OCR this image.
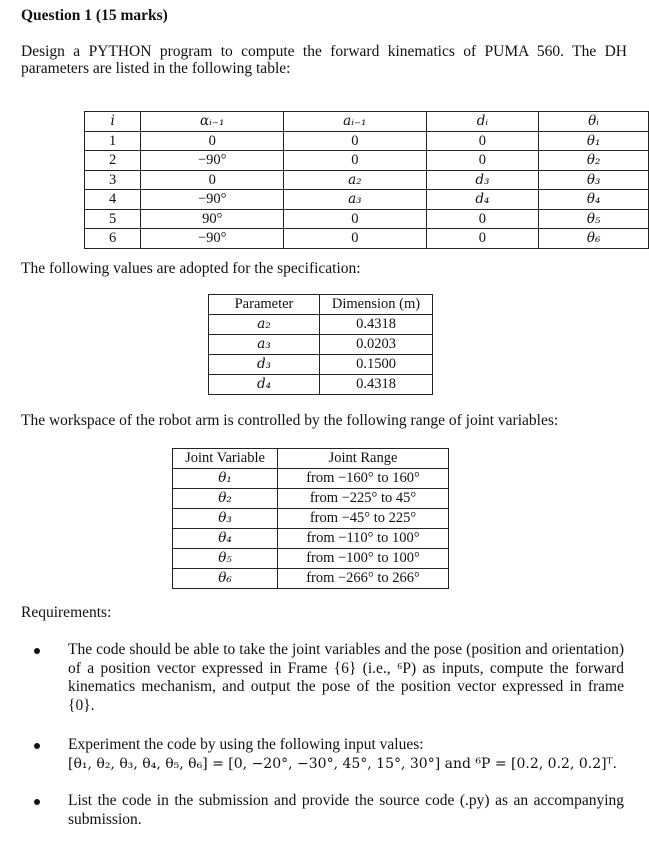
Question 1 (15 marks)
Design a PYTHON program to compute the forward kinematics of PUMA 560. The DH parameters are listed in the following table:
i	αᵢ₋₁	aᵢ₋₁	dᵢ	θᵢ
1	0	0	0	θ₁
2	−90°	0	0	θ₂
3	0	a₂	d₃	θ₃
4	−90°	a₃	d₄	θ₄
5	90°	0	0	θ₅
6	−90°	0	0	θ₆
The following values are adopted for the specification:
Parameter	Dimension (m)
a₂	0.4318
a₃	0.0203
d₃	0.1500
d₄	0.4318
The workspace of the robot arm is controlled by the following range of joint variables:
Joint Variable	Joint Range
θ₁	from −160° to 160°
θ₂	from −225° to 45°
θ₃	from −45° to 225°
θ₄	from −110° to 100°
θ₅	from −100° to 100°
θ₆	from −266° to 266°
Requirements:
The code should be able to take the joint variables and the pose (position and orientation) of a position vector expressed in Frame {6} (i.e., ⁶P) as inputs, compute the forward kinematics mechanism, and output the pose of the position vector expressed in frame {0}.
Experiment the code by using the following input values:
[θ₁, θ₂, θ₃, θ₄, θ₅, θ₆] = [0, −20°, −30°, 45°, 15°, 30°] and ⁶P = [0.2, 0.2, 0.2]ᵀ.
List the code in the submission and provide the source code (.py) as an accompanying submission.
